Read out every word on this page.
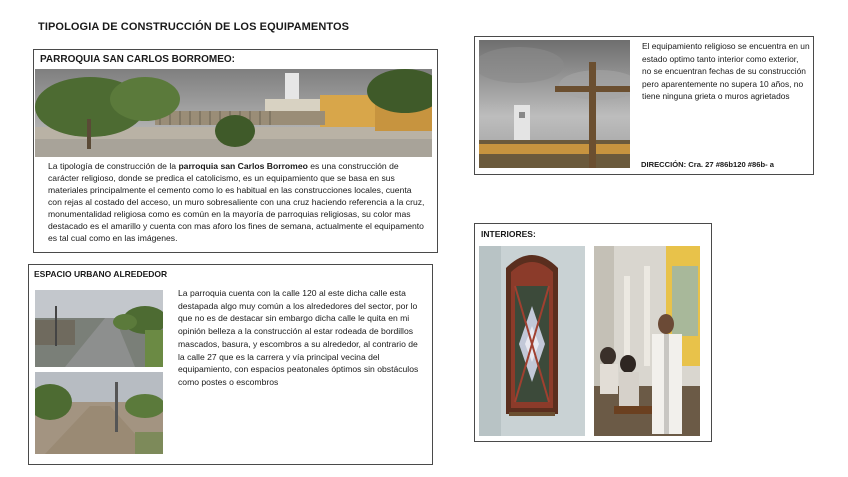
TIPOLOGIA DE CONSTRUCCIÓN DE LOS EQUIPAMENTOS
PARROQUIA SAN CARLOS BORROMEO:
La tipología de construcción de la parroquia san Carlos Borromeo es una construcción de carácter religioso, donde se predica el catolicismo, es un equipamiento que se basa en sus materiales principalmente el cemento como lo es habitual en las construcciones locales, cuenta con rejas al costado del acceso, un muro sobresaliente con una cruz haciendo referencia a la cruz, monumentalidad religiosa como es común en la mayoría de parroquias religiosas, su color mas destacado es el amarillo y cuenta con mas aforo los fines de semana, actualmente el equipamento es tal cual como en las imágenes.
El equipamiento religioso se encuentra en un estado optimo tanto interior como exterior, no se encuentran fechas de su construcción pero aparentemente no supera 10 años, no tiene ninguna grieta o muros agrietados
DIRECCIÓN: Cra. 27 #86b120 #86b- a
ESPACIO URBANO ALREDEDOR
La parroquia cuenta con la calle 120 al este dicha calle esta destapada algo muy común a los alrededores del sector, por lo que no es de destacar sin embargo dicha calle le quita en mi opinión belleza a la construcción al estar rodeada de bordillos mascados, basura, y escombros a su alrededor, al contrario de la calle 27 que es la carrera y vía principal vecina del equipamiento, con espacios peatonales óptimos sin obstáculos como postes o escombros
INTERIORES:
